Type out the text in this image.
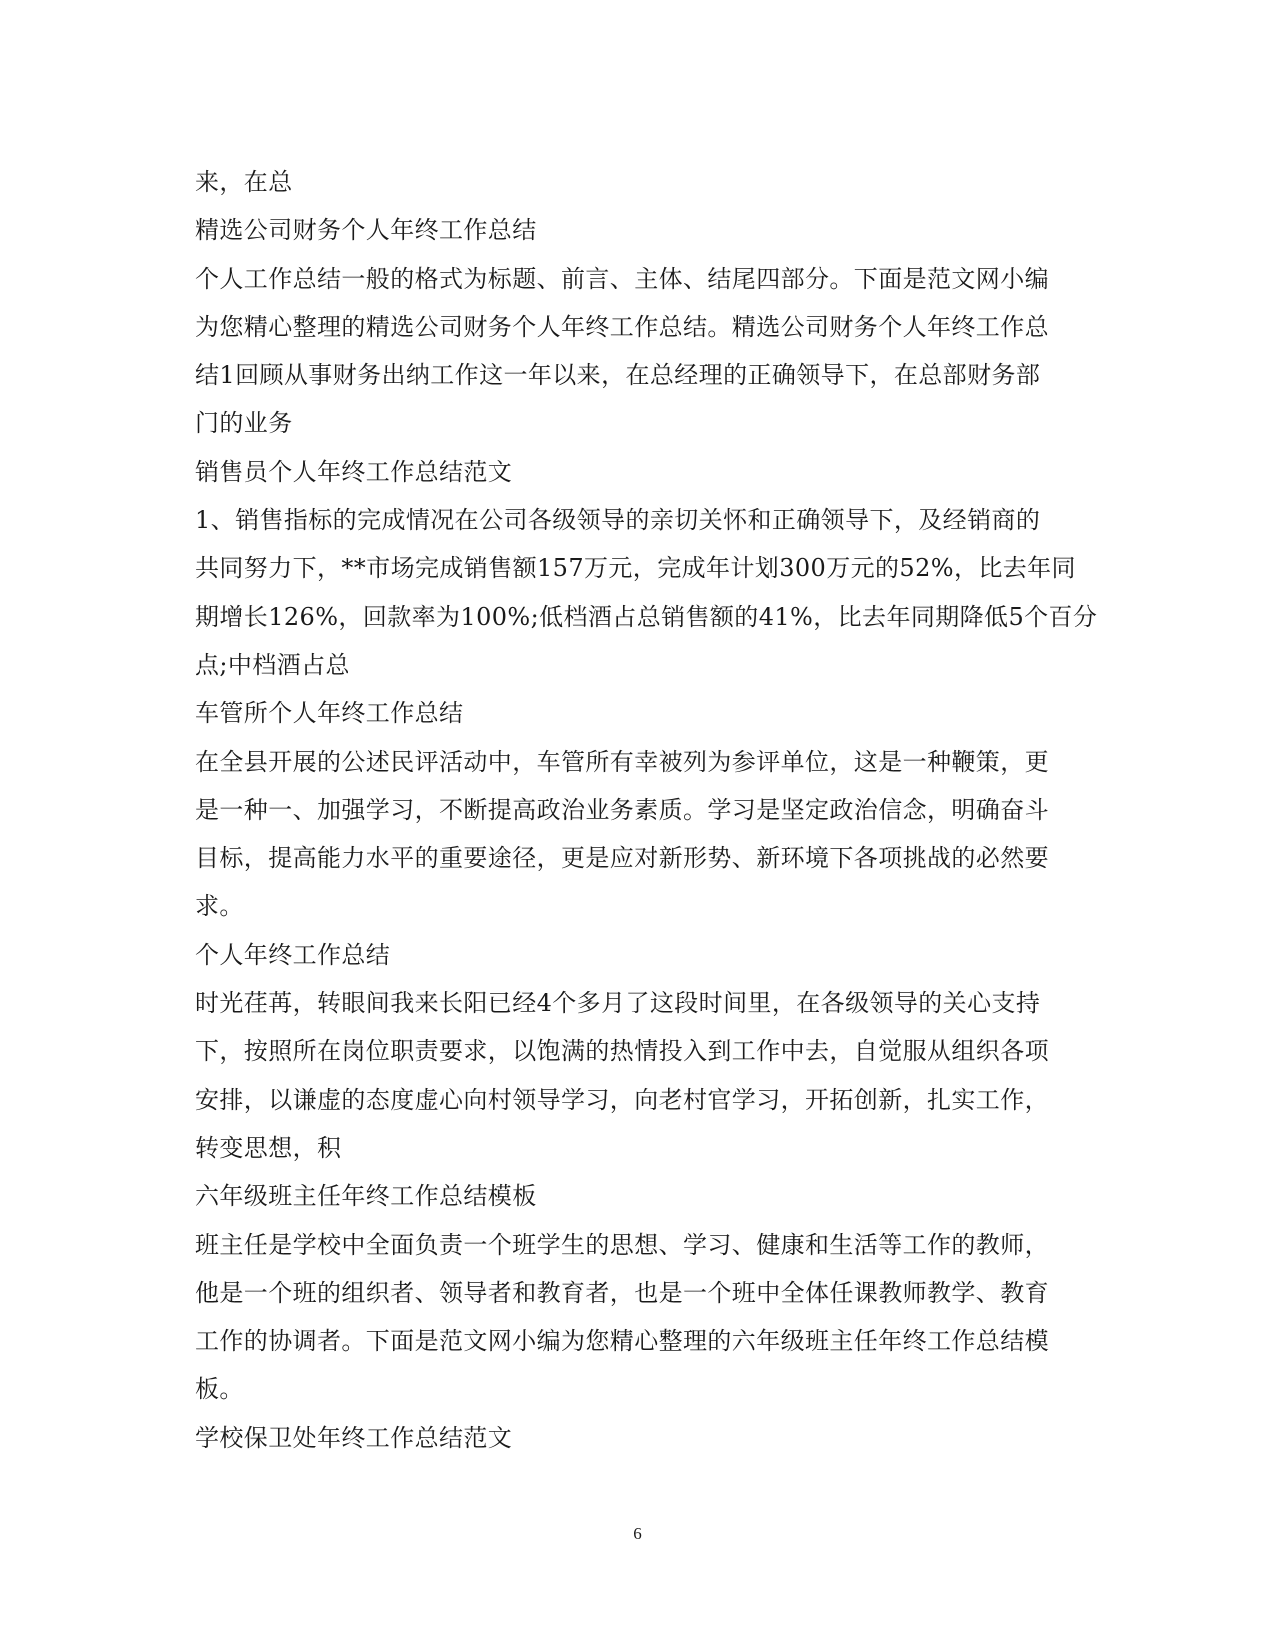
来，在总
精选公司财务个人年终工作总结
个人工作总结一般的格式为标题、前言、主体、结尾四部分。下面是范文网小编
为您精心整理的精选公司财务个人年终工作总结。精选公司财务个人年终工作总
结1回顾从事财务出纳工作这一年以来，在总经理的正确领导下，在总部财务部
门的业务
销售员个人年终工作总结范文
1、销售指标的完成情况在公司各级领导的亲切关怀和正确领导下，及经销商的
共同努力下，**市场完成销售额157万元，完成年计划300万元的52%，比去年同
期增长126%，回款率为100%;低档酒占总销售额的41%，比去年同期降低5个百分
点;中档酒占总
车管所个人年终工作总结
在全县开展的公述民评活动中，车管所有幸被列为参评单位，这是一种鞭策，更
是一种一、加强学习，不断提高政治业务素质。学习是坚定政治信念，明确奋斗
目标，提高能力水平的重要途径，更是应对新形势、新环境下各项挑战的必然要
求。
个人年终工作总结
时光荏苒，转眼间我来长阳已经4个多月了这段时间里，在各级领导的关心支持
下，按照所在岗位职责要求，以饱满的热情投入到工作中去，自觉服从组织各项
安排，以谦虚的态度虚心向村领导学习，向老村官学习，开拓创新，扎实工作，
转变思想，积
六年级班主任年终工作总结模板
班主任是学校中全面负责一个班学生的思想、学习、健康和生活等工作的教师，
他是一个班的组织者、领导者和教育者，也是一个班中全体任课教师教学、教育
工作的协调者。下面是范文网小编为您精心整理的六年级班主任年终工作总结模
板。
学校保卫处年终工作总结范文
6
